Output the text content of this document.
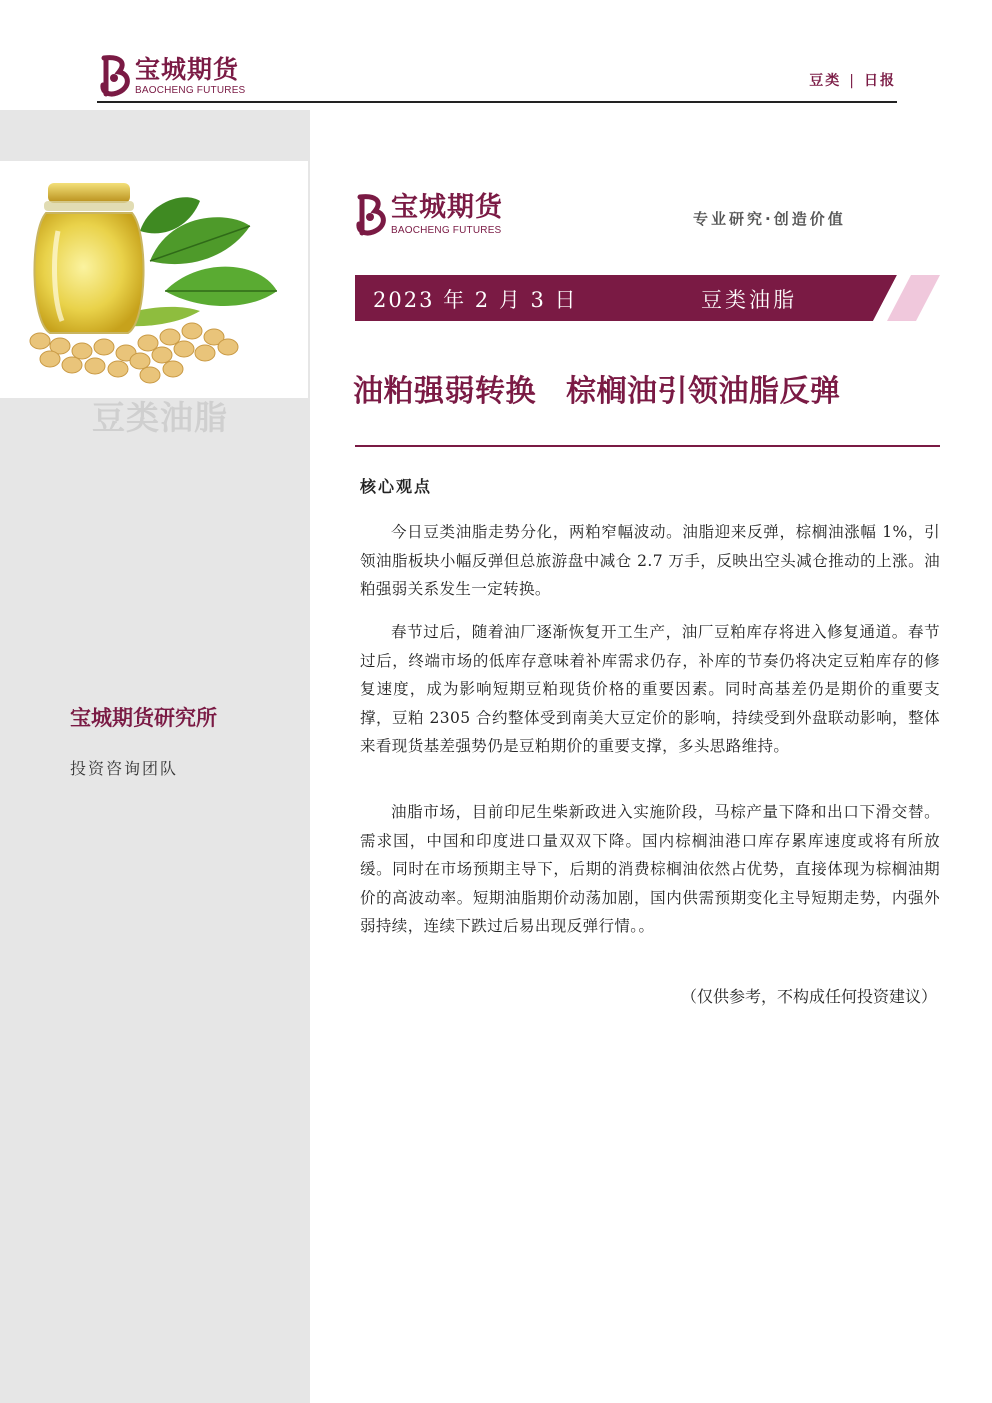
宝城期货
BAOCHENG FUTURES
豆类 | 日报
豆类油脂
宝城期货研究所
投资咨询团队
宝城期货
BAOCHENG FUTURES
专业研究·创造价值
2023 年 2 月 3 日	豆类油脂
油粕强弱转换 棕榈油引领油脂反弹
核心观点

今日豆类油脂走势分化，两粕窄幅波动。油脂迎来反弹，棕榈油涨幅 1%，引领油脂板块小幅反弹但总旅游盘中减仓 2.7 万手，反映出空头减仓推动的上涨。油粕强弱关系发生一定转换。

春节过后，随着油厂逐渐恢复开工生产，油厂豆粕库存将进入修复通道。春节过后，终端市场的低库存意味着补库需求仍存，补库的节奏仍将决定豆粕库存的修复速度，成为影响短期豆粕现货价格的重要因素。同时高基差仍是期价的重要支撑，豆粕 2305 合约整体受到南美大豆定价的影响，持续受到外盘联动影响，整体来看现货基差强势仍是豆粕期价的重要支撑，多头思路维持。

油脂市场，目前印尼生柴新政进入实施阶段，马棕产量下降和出口下滑交替。需求国，中国和印度进口量双双下降。国内棕榈油港口库存累库速度或将有所放缓。同时在市场预期主导下，后期的消费棕榈油依然占优势，直接体现为棕榈油期价的高波动率。短期油脂期价动荡加剧，国内供需预期变化主导短期走势，内强外弱持续，连续下跌过后易出现反弹行情。。

（仅供参考，不构成任何投资建议）
